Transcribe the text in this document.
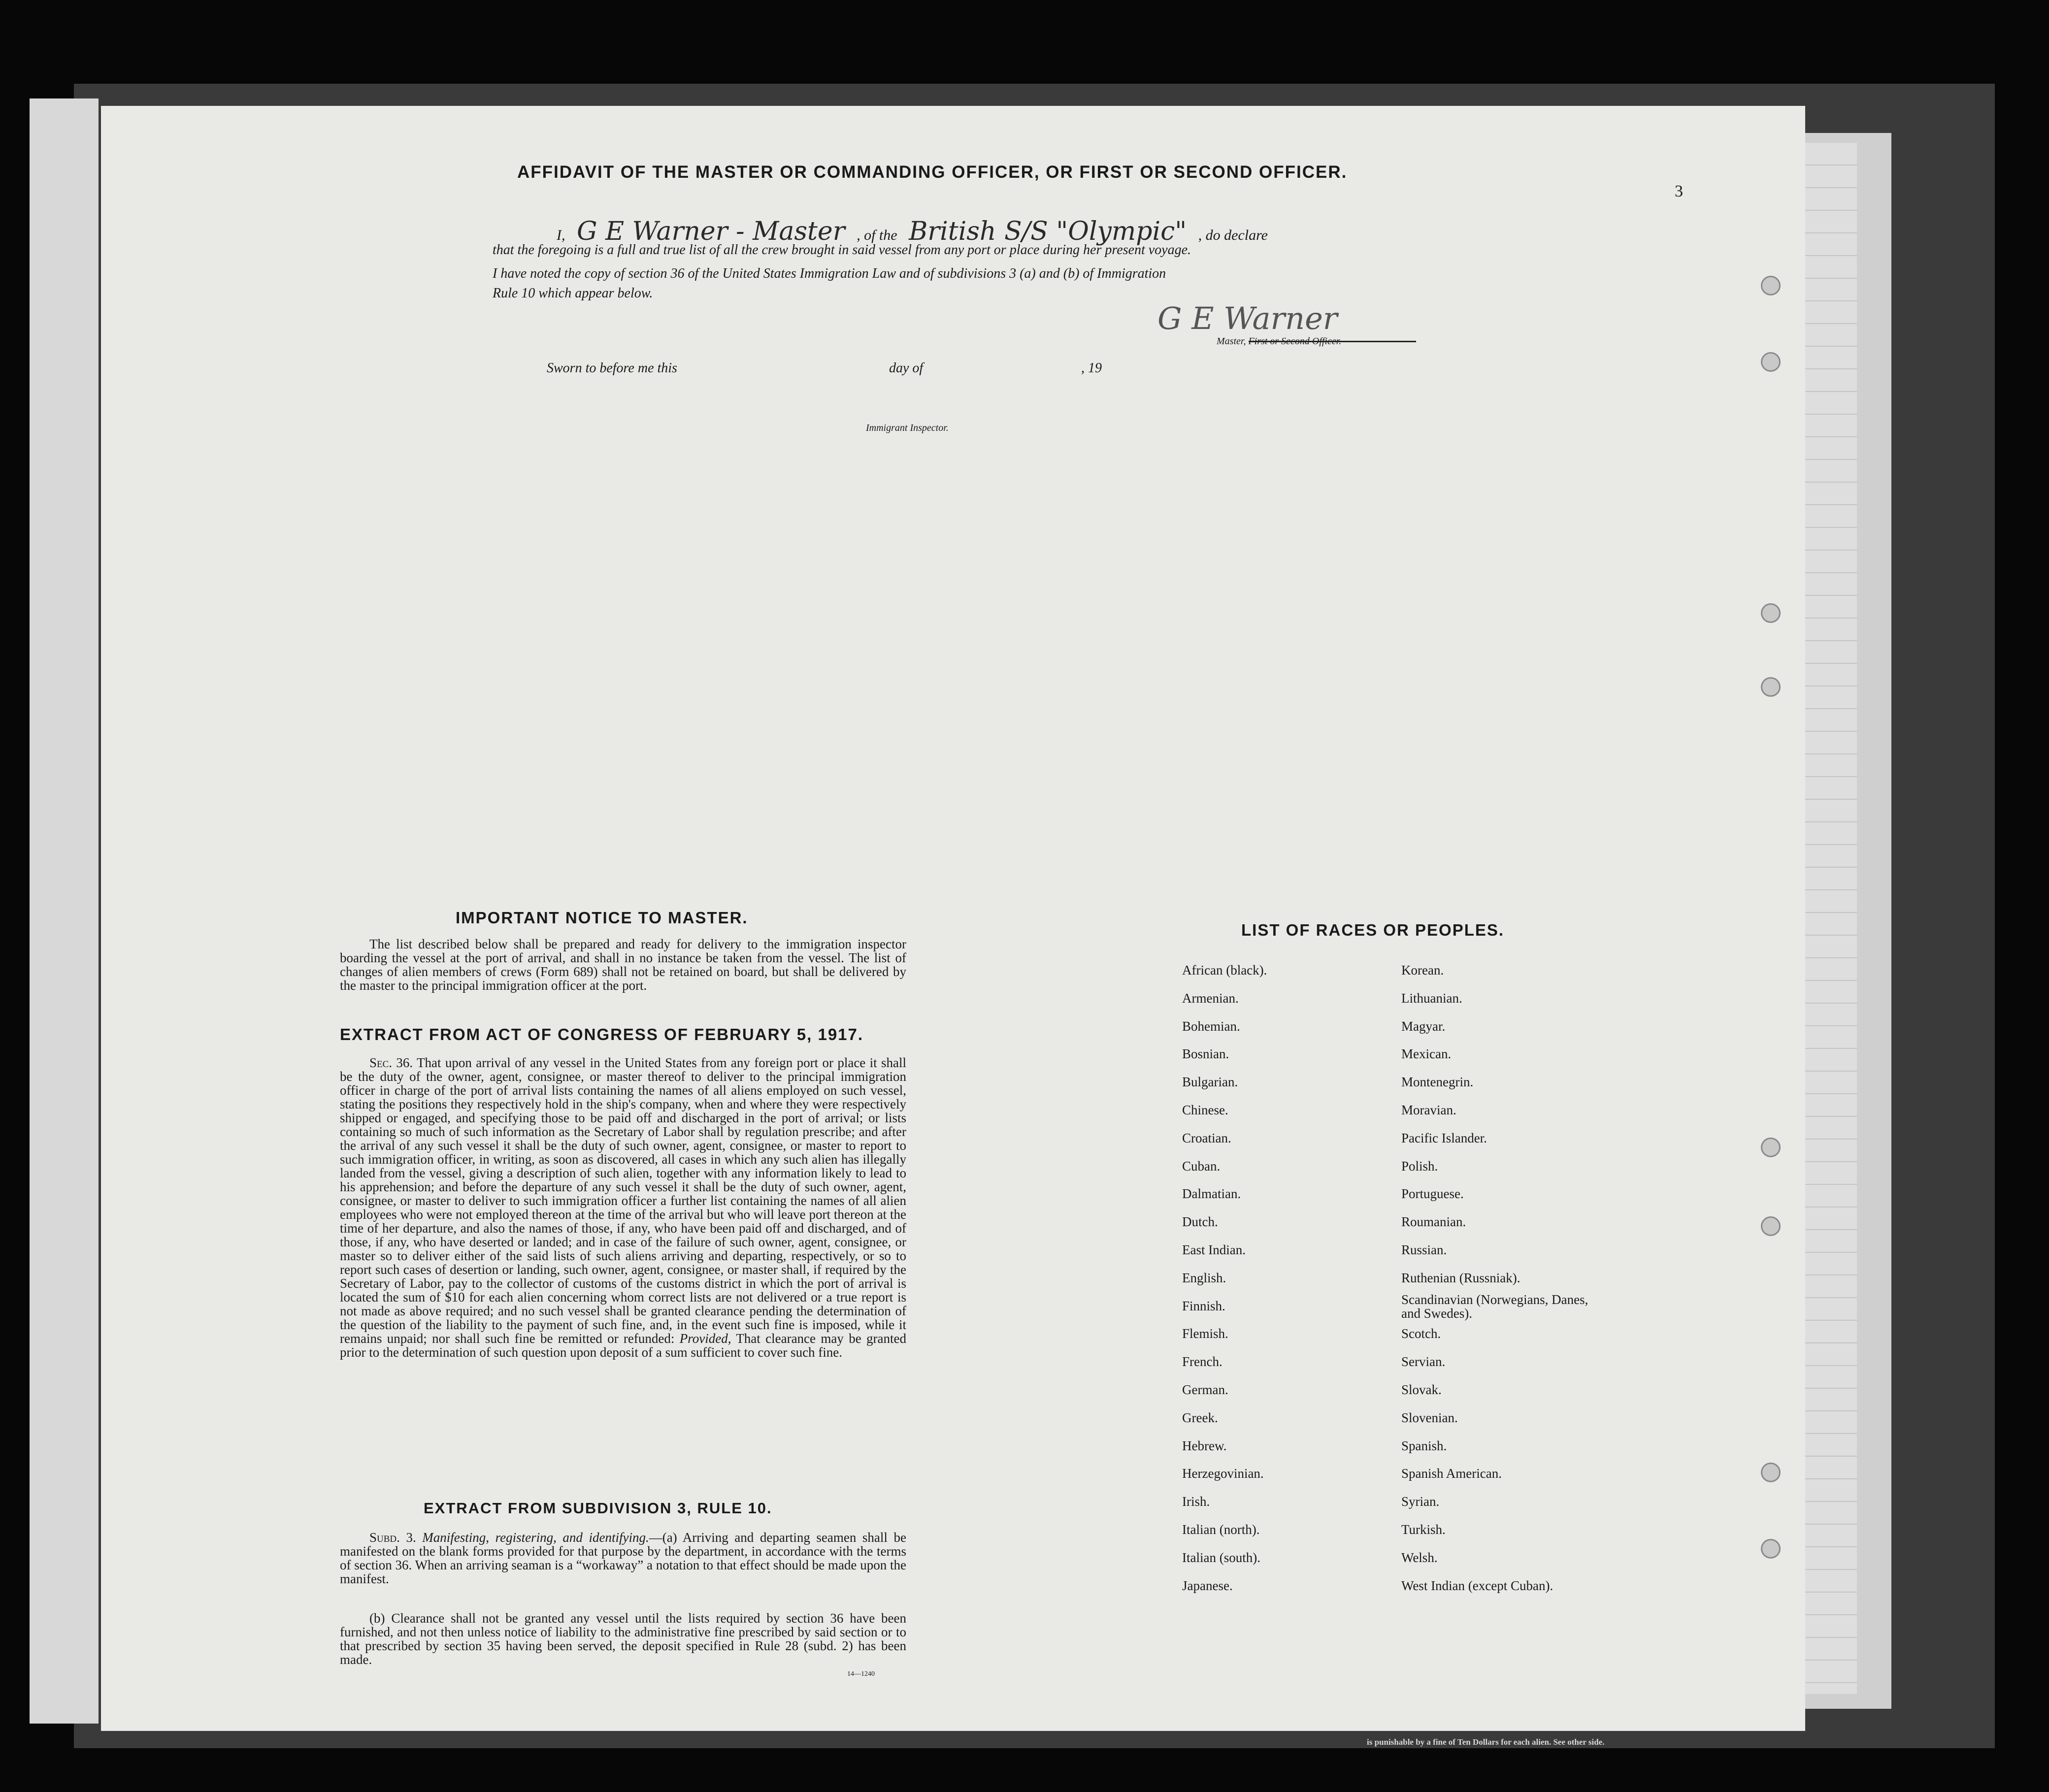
3
AFFIDAVIT OF THE MASTER OR COMMANDING OFFICER, OR FIRST OR SECOND OFFICER.
I, G E Warner - Master , of the British S/S "Olympic" , do declare
that the foregoing is a full and true list of all the crew brought in said vessel from any port or place during her present voyage.
I have noted the copy of section 36 of the United States Immigration Law and of subdivisions 3 (a) and (b) of Immigration
Rule 10 which appear below.
G E Warner
Master, First or Second Officer.
Sworn to before me this	day of	, 19
Immigrant Inspector.
IMPORTANT NOTICE TO MASTER.
The list described below shall be prepared and ready for delivery to the immigration inspector boarding the vessel at the port of arrival, and shall in no instance be taken from the vessel. The list of changes of alien members of crews (Form 689) shall not be retained on board, but shall be delivered by the master to the principal immigration officer at the port.
EXTRACT FROM ACT OF CONGRESS OF FEBRUARY 5, 1917.
Sec. 36. That upon arrival of any vessel in the United States from any foreign port or place it shall be the duty of the owner, agent, consignee, or master thereof to deliver to the principal immigration officer in charge of the port of arrival lists containing the names of all aliens employed on such vessel, stating the positions they respectively hold in the ship's company, when and where they were respectively shipped or engaged, and specifying those to be paid off and discharged in the port of arrival; or lists containing so much of such information as the Secretary of Labor shall by regulation prescribe; and after the arrival of any such vessel it shall be the duty of such owner, agent, consignee, or master to report to such immigration officer, in writing, as soon as discovered, all cases in which any such alien has illegally landed from the vessel, giving a description of such alien, together with any information likely to lead to his apprehension; and before the departure of any such vessel it shall be the duty of such owner, agent, consignee, or master to deliver to such immigration officer a further list containing the names of all alien employees who were not employed thereon at the time of the arrival but who will leave port thereon at the time of her departure, and also the names of those, if any, who have been paid off and discharged, and of those, if any, who have deserted or landed; and in case of the failure of such owner, agent, consignee, or master so to deliver either of the said lists of such aliens arriving and departing, respectively, or so to report such cases of desertion or landing, such owner, agent, consignee, or master shall, if required by the Secretary of Labor, pay to the collector of customs of the customs district in which the port of arrival is located the sum of $10 for each alien concerning whom correct lists are not delivered or a true report is not made as above required; and no such vessel shall be granted clearance pending the determination of the question of the liability to the payment of such fine, and, in the event such fine is imposed, while it remains unpaid; nor shall such fine be remitted or refunded: Provided, That clearance may be granted prior to the determination of such question upon deposit of a sum sufficient to cover such fine.
EXTRACT FROM SUBDIVISION 3, RULE 10.
Subd. 3. Manifesting, registering, and identifying.—(a) Arriving and departing seamen shall be manifested on the blank forms provided for that purpose by the department, in accordance with the terms of section 36. When an arriving seaman is a “workaway” a notation to that effect should be made upon the manifest.
(b) Clearance shall not be granted any vessel until the lists required by section 36 have been furnished, and not then unless notice of liability to the administrative fine prescribed by said section or to that prescribed by section 35 having been served, the deposit specified in Rule 28 (subd. 2) has been made.
14—1240
LIST OF RACES OR PEOPLES.
African (black).
Armenian.
Bohemian.
Bosnian.
Bulgarian.
Chinese.
Croatian.
Cuban.
Dalmatian.
Dutch.
East Indian.
English.
Finnish.
Flemish.
French.
German.
Greek.
Hebrew.
Herzegovinian.
Irish.
Italian (north).
Italian (south).
Japanese.
Korean.
Lithuanian.
Magyar.
Mexican.
Montenegrin.
Moravian.
Pacific Islander.
Polish.
Portuguese.
Roumanian.
Russian.
Ruthenian (Russniak).
Scandinavian (Norwegians, Danes, and Swedes).
Scotch.
Servian.
Slovak.
Slovenian.
Spanish.
Spanish American.
Syrian.
Turkish.
Welsh.
West Indian (except Cuban).
is punishable by a fine of Ten Dollars for each alien. See other side.
